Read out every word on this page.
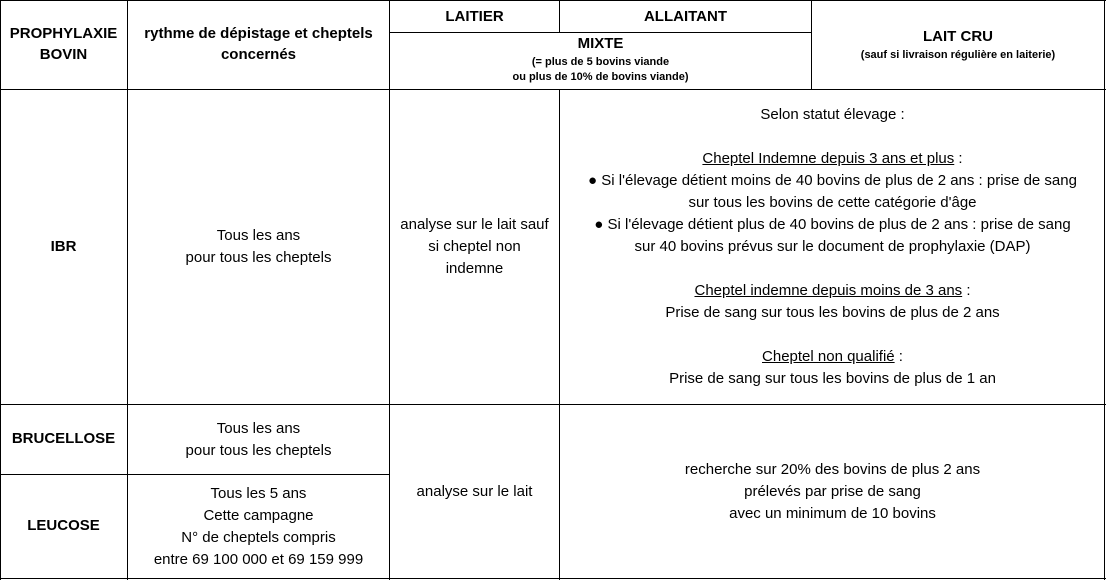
PROPHYLAXIE
BOVIN
rythme de dépistage et cheptels
concernés
LAITIER	ALLAITANT
MIXTE
(= plus de 5 bovins viande
ou plus de 10% de bovins viande)
LAIT CRU
(sauf si livraison régulière en laiterie)
IBR
Tous les ans
pour tous les cheptels
analyse sur le lait sauf
si cheptel non
indemne
Selon statut élevage :

Cheptel Indemne depuis 3 ans et plus :
● Si l'élevage détient moins de 40 bovins de plus de 2 ans : prise de sang
sur tous les bovins de cette catégorie d'âge
● Si l'élevage détient plus de 40 bovins de plus de 2 ans : prise de sang
sur 40 bovins prévus sur le document de prophylaxie (DAP)

Cheptel indemne depuis moins de 3 ans :
Prise de sang sur tous les bovins de plus de 2 ans

Cheptel non qualifié :
Prise de sang sur tous les bovins de plus de 1 an
BRUCELLOSE
Tous les ans
pour tous les cheptels
LEUCOSE
Tous les 5 ans
Cette campagne
N° de cheptels compris
entre 69 100 000 et 69 159 999
analyse sur le lait
recherche sur 20% des bovins de plus 2 ans
prélevés par prise de sang
avec un minimum de 10 bovins
